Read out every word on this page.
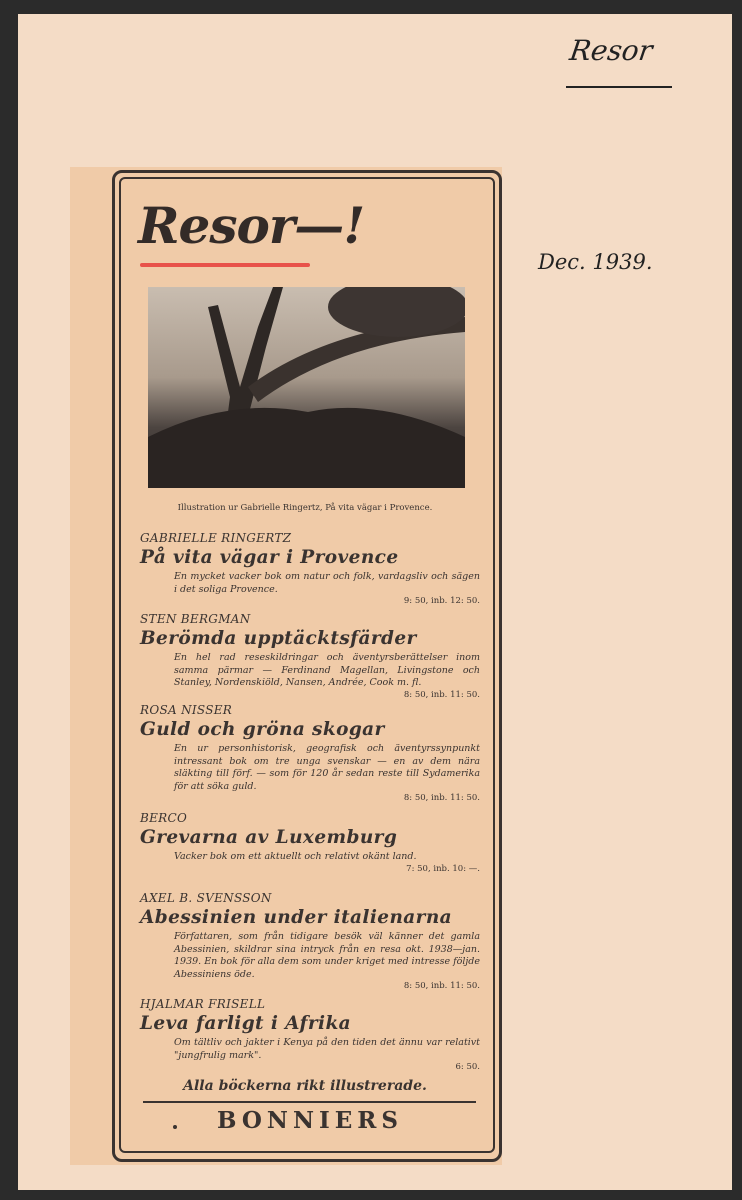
Resor
Dec. 1939.
Resor—!
Illustration ur Gabrielle Ringertz, På vita vägar i Provence.
GABRIELLE RINGERTZ
På vita vägar i Provence
En mycket vacker bok om natur och folk, vardagsliv och sägen i det soliga Provence.
9: 50, inb. 12: 50.
STEN BERGMAN
Berömda upptäcktsfärder
En hel rad reseskildringar och äventyrsberättelser inom samma pärmar — Ferdinand Magellan, Livingstone och Stanley, Nordenskiöld, Nansen, Andrée, Cook m. fl.
8: 50, inb. 11: 50.
ROSA NISSER
Guld och gröna skogar
En ur personhistorisk, geografisk och äventyrssynpunkt intressant bok om tre unga svenskar — en av dem nära släkting till förf. — som för 120 år sedan reste till Sydamerika för att söka guld.
8: 50, inb. 11: 50.
BERCO
Grevarna av Luxemburg
Vacker bok om ett aktuellt och relativt okänt land.
7: 50, inb. 10: —.
AXEL B. SVENSSON
Abessinien under italienarna
Författaren, som från tidigare besök väl känner det gamla Abessinien, skildrar sina intryck från en resa okt. 1938—jan. 1939. En bok för alla dem som under kriget med intresse följde Abessiniens öde.
8: 50, inb. 11: 50.
HJALMAR FRISELL
Leva farligt i Afrika
Om tältliv och jakter i Kenya på den tiden det ännu var relativt "jungfrulig mark".
6: 50.
Alla böckerna rikt illustrerade.
BONNIERS
